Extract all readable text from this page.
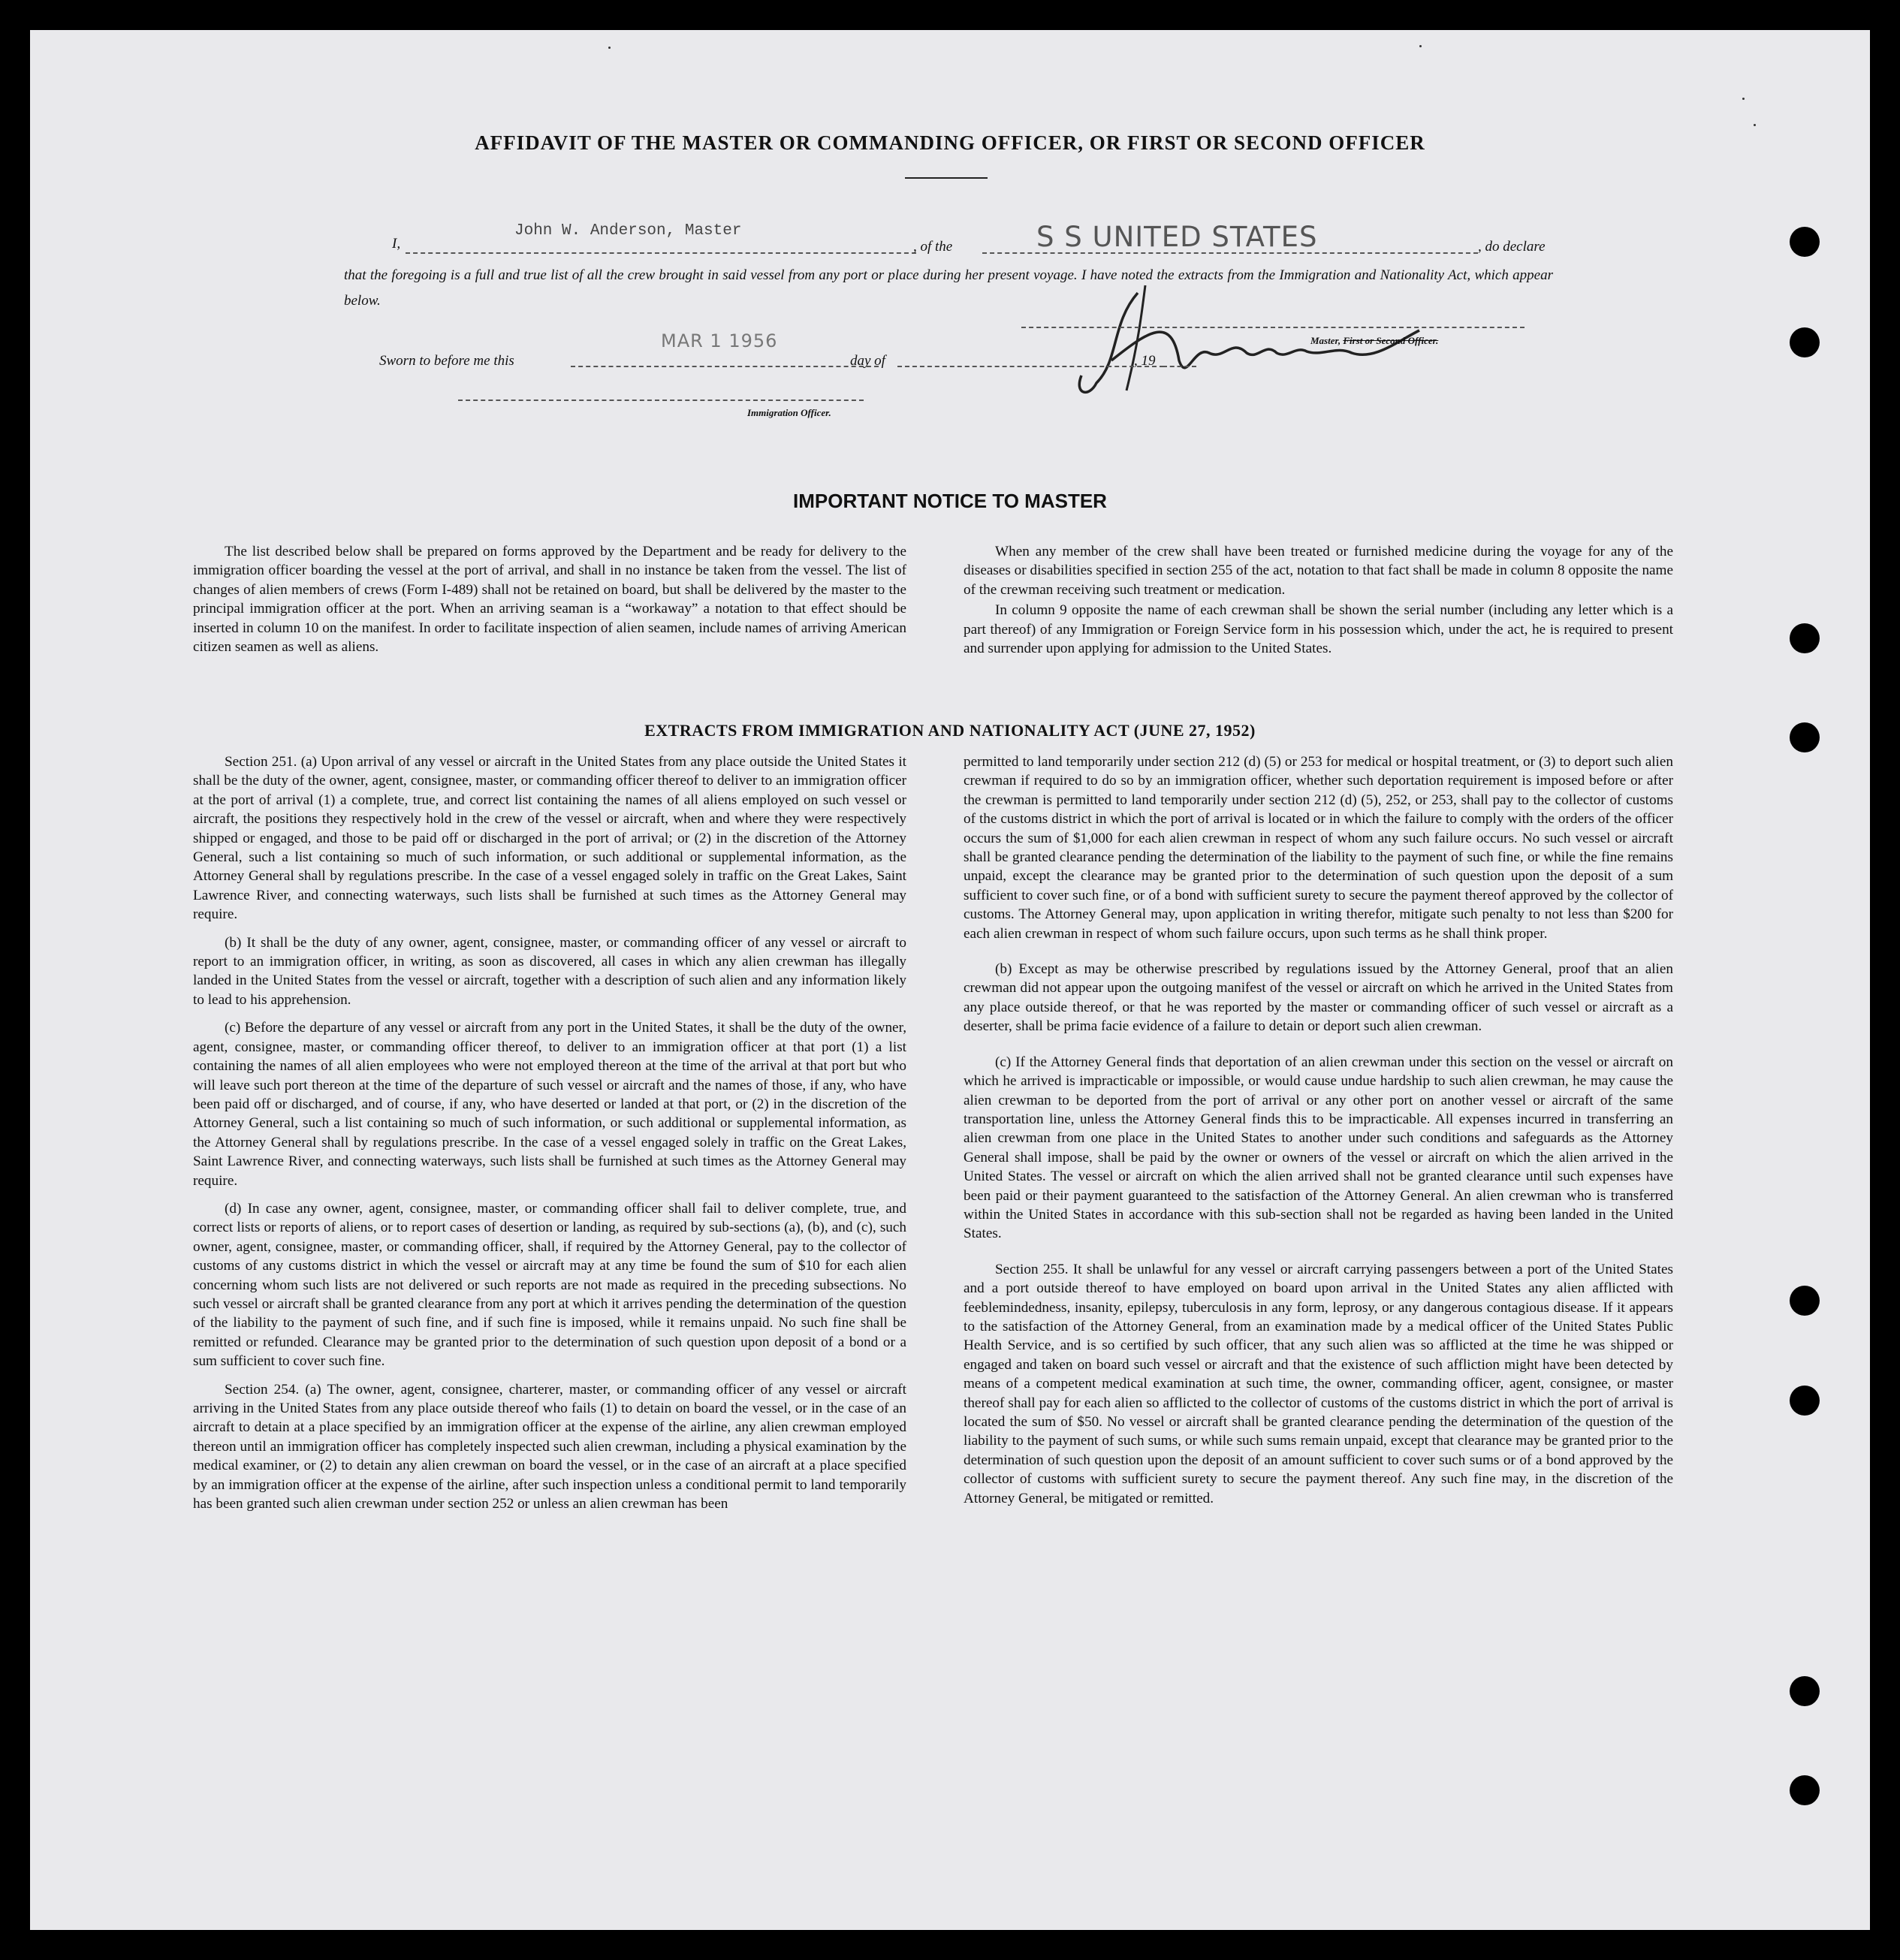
AFFIDAVIT OF THE MASTER OR COMMANDING OFFICER, OR FIRST OR SECOND OFFICER
I,
John W. Anderson, Master
, of the	S S UNITED STATES	, do declare
that the foregoing is a full and true list of all the crew brought in said vessel from any port or place during her present voyage. I have noted the extracts from the Immigration and Nationality Act, which appear below.
Master, First or Second Officer.
Sworn to before me this
MAR 1 1956
day of	, 19
Immigration Officer.
IMPORTANT NOTICE TO MASTER

The list described below shall be prepared on forms approved by the Department and be ready for delivery to the immigration officer boarding the vessel at the port of arrival, and shall in no instance be taken from the vessel. The list of changes of alien members of crews (Form I-489) shall not be retained on board, but shall be delivered by the master to the principal immigration officer at the port. When an arriving seaman is a “workaway” a notation to that effect should be inserted in column 10 on the manifest. In order to facilitate inspection of alien seamen, include names of arriving American citizen seamen as well as aliens.

When any member of the crew shall have been treated or furnished medicine during the voyage for any of the diseases or disabilities specified in section 255 of the act, notation to that fact shall be made in column 8 opposite the name of the crewman receiving such treatment or medication.

In column 9 opposite the name of each crewman shall be shown the serial number (including any letter which is a part thereof) of any Immigration or Foreign Service form in his possession which, under the act, he is required to present and surrender upon applying for admission to the United States.

EXTRACTS FROM IMMIGRATION AND NATIONALITY ACT (JUNE 27, 1952)

Section 251. (a) Upon arrival of any vessel or aircraft in the United States from any place outside the United States it shall be the duty of the owner, agent, consignee, master, or commanding officer thereof to deliver to an immigration officer at the port of arrival (1) a complete, true, and correct list containing the names of all aliens employed on such vessel or aircraft, the positions they respectively hold in the crew of the vessel or aircraft, when and where they were respectively shipped or engaged, and those to be paid off or discharged in the port of arrival; or (2) in the discretion of the Attorney General, such a list containing so much of such information, or such additional or supplemental information, as the Attorney General shall by regulations prescribe. In the case of a vessel engaged solely in traffic on the Great Lakes, Saint Lawrence River, and connecting waterways, such lists shall be furnished at such times as the Attorney General may require.

(b) It shall be the duty of any owner, agent, consignee, master, or commanding officer of any vessel or aircraft to report to an immigration officer, in writing, as soon as discovered, all cases in which any alien crewman has illegally landed in the United States from the vessel or aircraft, together with a description of such alien and any information likely to lead to his apprehension.

(c) Before the departure of any vessel or aircraft from any port in the United States, it shall be the duty of the owner, agent, consignee, master, or commanding officer thereof, to deliver to an immigration officer at that port (1) a list containing the names of all alien employees who were not employed thereon at the time of the arrival at that port but who will leave such port thereon at the time of the departure of such vessel or aircraft and the names of those, if any, who have been paid off or discharged, and of course, if any, who have deserted or landed at that port, or (2) in the discretion of the Attorney General, such a list containing so much of such information, or such additional or supplemental information, as the Attorney General shall by regulations prescribe. In the case of a vessel engaged solely in traffic on the Great Lakes, Saint Lawrence River, and connecting waterways, such lists shall be furnished at such times as the Attorney General may require.

(d) In case any owner, agent, consignee, master, or commanding officer shall fail to deliver complete, true, and correct lists or reports of aliens, or to report cases of desertion or landing, as required by sub-sections (a), (b), and (c), such owner, agent, consignee, master, or commanding officer, shall, if required by the Attorney General, pay to the collector of customs of any customs district in which the vessel or aircraft may at any time be found the sum of $10 for each alien concerning whom such lists are not delivered or such reports are not made as required in the preceding subsections. No such vessel or aircraft shall be granted clearance from any port at which it arrives pending the determination of the question of the liability to the payment of such fine, and if such fine is imposed, while it remains unpaid. No such fine shall be remitted or refunded. Clearance may be granted prior to the determination of such question upon deposit of a bond or a sum sufficient to cover such fine.

Section 254. (a) The owner, agent, consignee, charterer, master, or commanding officer of any vessel or aircraft arriving in the United States from any place outside thereof who fails (1) to detain on board the vessel, or in the case of an aircraft to detain at a place specified by an immigration officer at the expense of the airline, any alien crewman employed thereon until an immigration officer has completely inspected such alien crewman, including a physical examination by the medical examiner, or (2) to detain any alien crewman on board the vessel, or in the case of an aircraft at a place specified by an immigration officer at the expense of the airline, after such inspection unless a conditional permit to land temporarily has been granted such alien crewman under section 252 or unless an alien crewman has been

permitted to land temporarily under section 212 (d) (5) or 253 for medical or hospital treatment, or (3) to deport such alien crewman if required to do so by an immigration officer, whether such deportation requirement is imposed before or after the crewman is permitted to land temporarily under section 212 (d) (5), 252, or 253, shall pay to the collector of customs of the customs district in which the port of arrival is located or in which the failure to comply with the orders of the officer occurs the sum of $1,000 for each alien crewman in respect of whom any such failure occurs. No such vessel or aircraft shall be granted clearance pending the determination of the liability to the payment of such fine, or while the fine remains unpaid, except the clearance may be granted prior to the determination of such question upon the deposit of a sum sufficient to cover such fine, or of a bond with sufficient surety to secure the payment thereof approved by the collector of customs. The Attorney General may, upon application in writing therefor, mitigate such penalty to not less than $200 for each alien crewman in respect of whom such failure occurs, upon such terms as he shall think proper.

(b) Except as may be otherwise prescribed by regulations issued by the Attorney General, proof that an alien crewman did not appear upon the outgoing manifest of the vessel or aircraft on which he arrived in the United States from any place outside thereof, or that he was reported by the master or commanding officer of such vessel or aircraft as a deserter, shall be prima facie evidence of a failure to detain or deport such alien crewman.

(c) If the Attorney General finds that deportation of an alien crewman under this section on the vessel or aircraft on which he arrived is impracticable or impossible, or would cause undue hardship to such alien crewman, he may cause the alien crewman to be deported from the port of arrival or any other port on another vessel or aircraft of the same transportation line, unless the Attorney General finds this to be impracticable. All expenses incurred in transferring an alien crewman from one place in the United States to another under such conditions and safeguards as the Attorney General shall impose, shall be paid by the owner or owners of the vessel or aircraft on which the alien arrived in the United States. The vessel or aircraft on which the alien arrived shall not be granted clearance until such expenses have been paid or their payment guaranteed to the satisfaction of the Attorney General. An alien crewman who is transferred within the United States in accordance with this sub-section shall not be regarded as having been landed in the United States.

Section 255. It shall be unlawful for any vessel or aircraft carrying passengers between a port of the United States and a port outside thereof to have employed on board upon arrival in the United States any alien afflicted with feeblemindedness, insanity, epilepsy, tuberculosis in any form, leprosy, or any dangerous contagious disease. If it appears to the satisfaction of the Attorney General, from an examination made by a medical officer of the United States Public Health Service, and is so certified by such officer, that any such alien was so afflicted at the time he was shipped or engaged and taken on board such vessel or aircraft and that the existence of such affliction might have been detected by means of a competent medical examination at such time, the owner, commanding officer, agent, consignee, or master thereof shall pay for each alien so afflicted to the collector of customs of the customs district in which the port of arrival is located the sum of $50. No vessel or aircraft shall be granted clearance pending the determination of the question of the liability to the payment of such sums, or while such sums remain unpaid, except that clearance may be granted prior to the determination of such question upon the deposit of an amount sufficient to cover such sums or of a bond approved by the collector of customs with sufficient surety to secure the payment thereof. Any such fine may, in the discretion of the Attorney General, be mitigated or remitted.
